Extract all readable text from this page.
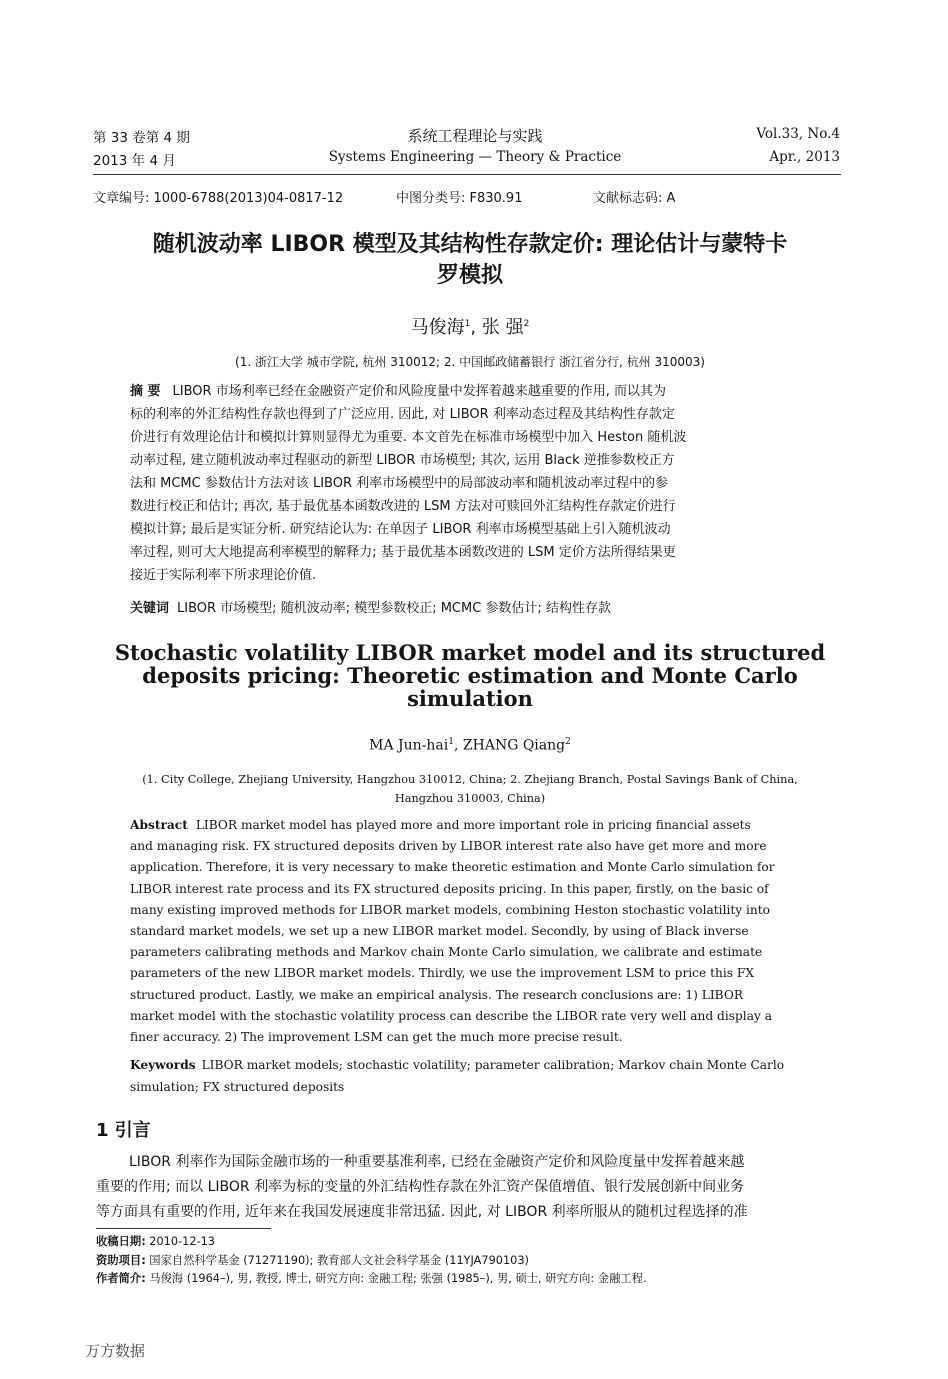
第 33 卷第 4 期
2013 年 4 月
系统工程理论与实践
Systems Engineering — Theory & Practice
Vol.33, No.4
Apr., 2013
文章编号: 1000-6788(2013)04-0817-12	中图分类号: F830.91	文献标志码: A
随机波动率 LIBOR 模型及其结构性存款定价: 理论估计与蒙特卡
罗模拟
马俊海$^1$, 张 强$^2$
(1. 浙江大学 城市学院, 杭州 310012; 2. 中国邮政储蓄银行 浙江省分行, 杭州 310003)
摘 要 LIBOR 市场利率已经在金融资产定价和风险度量中发挥着越来越重要的作用, 而以其为
标的利率的外汇结构性存款也得到了广泛应用. 因此, 对 LIBOR 利率动态过程及其结构性存款定
价进行有效理论估计和模拟计算则显得尤为重要. 本文首先在标准市场模型中加入 Heston 随机波
动率过程, 建立随机波动率过程驱动的新型 LIBOR 市场模型; 其次, 运用 Black 逆推参数校正方
法和 MCMC 参数估计方法对该 LIBOR 利率市场模型中的局部波动率和随机波动率过程中的参
数进行校正和估计; 再次, 基于最优基本函数改进的 LSM 方法对可赎回外汇结构性存款定价进行
模拟计算; 最后是实证分析. 研究结论认为: 在单因子 LIBOR 利率市场模型基础上引入随机波动
率过程, 则可大大地提高利率模型的解释力; 基于最优基本函数改进的 LSM 定价方法所得结果更
接近于实际利率下所求理论价值.
关键词 LIBOR 市场模型; 随机波动率; 模型参数校正; MCMC 参数估计; 结构性存款
Stochastic volatility LIBOR market model and its structured
deposits pricing: Theoretic estimation and Monte Carlo
simulation
MA Jun-hai$^1$, ZHANG Qiang$^2$
(1. City College, Zhejiang University, Hangzhou 310012, China; 2. Zhejiang Branch, Postal Savings Bank of China,
Hangzhou 310003, China)
Abstract LIBOR market model has played more and more important role in pricing financial assets
and managing risk. FX structured deposits driven by LIBOR interest rate also have get more and more
application. Therefore, it is very necessary to make theoretic estimation and Monte Carlo simulation for
LIBOR interest rate process and its FX structured deposits pricing. In this paper, firstly, on the basic of
many existing improved methods for LIBOR market models, combining Heston stochastic volatility into
standard market models, we set up a new LIBOR market model. Secondly, by using of Black inverse
parameters calibrating methods and Markov chain Monte Carlo simulation, we calibrate and estimate
parameters of the new LIBOR market models. Thirdly, we use the improvement LSM to price this FX
structured product. Lastly, we make an empirical analysis. The research conclusions are: 1) LIBOR
market model with the stochastic volatility process can describe the LIBOR rate very well and display a
finer accuracy. 2) The improvement LSM can get the much more precise result.
Keywords LIBOR market models; stochastic volatility; parameter calibration; Markov chain Monte Carlo
simulation; FX structured deposits
1 引言
LIBOR 利率作为国际金融市场的一种重要基准利率, 已经在金融资产定价和风险度量中发挥着越来越
重要的作用; 而以 LIBOR 利率为标的变量的外汇结构性存款在外汇资产保值增值、银行发展创新中间业务
等方面具有重要的作用, 近年来在我国发展速度非常迅猛. 因此, 对 LIBOR 利率所服从的随机过程选择的准
收稿日期: 2010-12-13
资助项目: 国家自然科学基金 (71271190); 教育部人文社会科学基金 (11YJA790103)
作者简介: 马俊海 (1964–), 男, 教授, 博士, 研究方向: 金融工程; 张强 (1985–), 男, 硕士, 研究方向: 金融工程.
万方数据
